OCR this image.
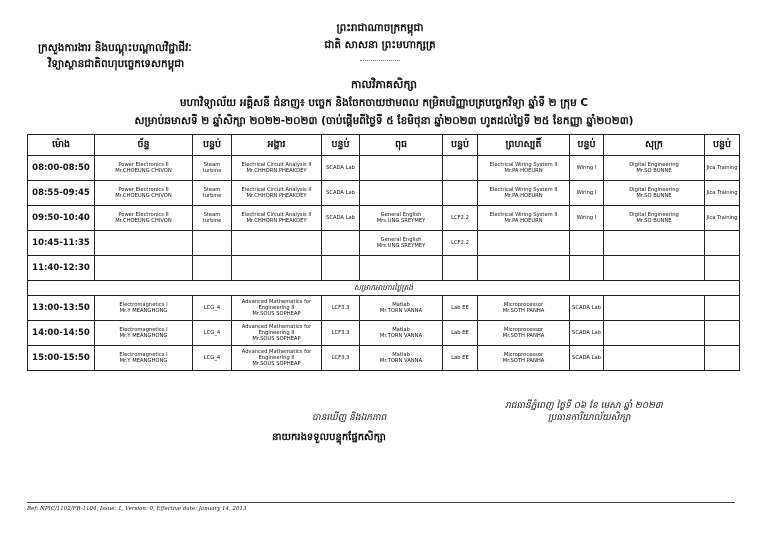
ក្រសួងការងារ និងបណ្តុះបណ្តាលវិជ្ជាជីវៈ
វិទ្យាស្ថានជាតិពហុបច្ចេកទេសកម្ពុជា
ព្រះរាជាណាចក្រកម្ពុជា
ជាតិ សាសនា ព្រះមហាក្សត្រ
កាលវិភាគសិក្សា
មហាវិទ្យាល័យ អគ្គិសនី ជំនាញ៖ បច្ចេក និងចែកចាយថាមពល កម្រិតបរិញ្ញាបត្របច្ចេកវិទ្យា ឆ្នាំទី ២ ក្រុម C
សម្រាប់ឆមាសទី ២ ឆ្នាំសិក្សា ២០២២-២០២៣ (ចាប់ផ្តើមពីថ្ងៃទី ៥ ខែមិថុនា ឆ្នាំ២០២៣ ហូតដល់ថ្ងៃទី ២៥ ខែកញ្ញា ឆ្នាំ២០២៣)
ម៉ោង	ច័ន្ទ	បន្ទប់	អង្គារ	បន្ទប់	ពុធ	បន្ទប់	ព្រហស្បតិ៍	បន្ទប់	សុក្រ	បន្ទប់
08:00-08:50	Power Electronics II
Mr.CHOEUNG CHIVON	Steam turbine	Electrical Circuit Analysis II
Mr.CHHORN PHEAKDEY	SCADA Lab			Electrical Wiring System II
Mr.PA HOEURN	Wiring I	Digital Engineering
Mr.SO BUNNE	Jica Training
08:55-09:45	Power Electronics II
Mr.CHOEUNG CHIVON	Steam turbine	Electrical Circuit Analysis II
Mr.CHHORN PHEAKDEY	SCADA Lab			Electrical Wiring System II
Mr.PA HOEURN	Wiring I	Digital Engineering
Mr.SO BUNNE	Jica Training
09:50-10:40	Power Electronics II
Mr.CHOEUNG CHIVON	Steam turbine	Electrical Circuit Analysis II
Mr.CHHORN PHEAKDEY	SCADA Lab	General English
Mrs.UNG SREYMEY	LCF2.2	Electrical Wiring System II
Mr.PA HOEURN	Wiring I	Digital Engineering
Mr.SO BUNNE	Jica Training
10:45-11:35					General English
Mrs.UNG SREYMEY	LCF2.2	

11:40-12:30	

សម្រាកអាហារថ្ងៃត្រង់										
13:00-13:50	Electromagnetics I
Mr.Y MEANGHONG	LCG_4	Advanced Mathematics for Engineering II
Mr.SOUS SOPHEAP	LCF3.3	Matlab
Mr.TORN VANNA	Lab EE	Microprocessor
Mr.SOTH PANHA	SCADA Lab	

14:00-14:50	Electromagnetics I
Mr.Y MEANGHONG	LCG_4	Advanced Mathematics for Engineering II
Mr.SOUS SOPHEAP	LCF3.3	Matlab
Mr.TORN VANNA	Lab EE	Microprocessor
Mr.SOTH PANHA	SCADA Lab	

15:00-15:50	Electromagnetics I
Mr.Y MEANGHONG	LCG_4	Advanced Mathematics for Engineering II
Mr.SOUS SOPHEAP	LCF3.3	Matlab
Mr.TORN VANNA	Lab EE	Microprocessor
Mr.SOTH PANHA	SCADA Lab	

រាជធានីភ្នំពេញ ថ្ងៃទី ០៦ ខែ មេសា ឆ្នាំ ២០២៣
ប្រធានការិយាល័យសិក្សា
បានឃើញ និងឯកភាព
នាយករងទទួលបន្ទុកផ្នែកសិក្សា
Ref: NPIC/1102/FR-1104, Issue: 1, Version: 0, Effective date: January 14, 2013
